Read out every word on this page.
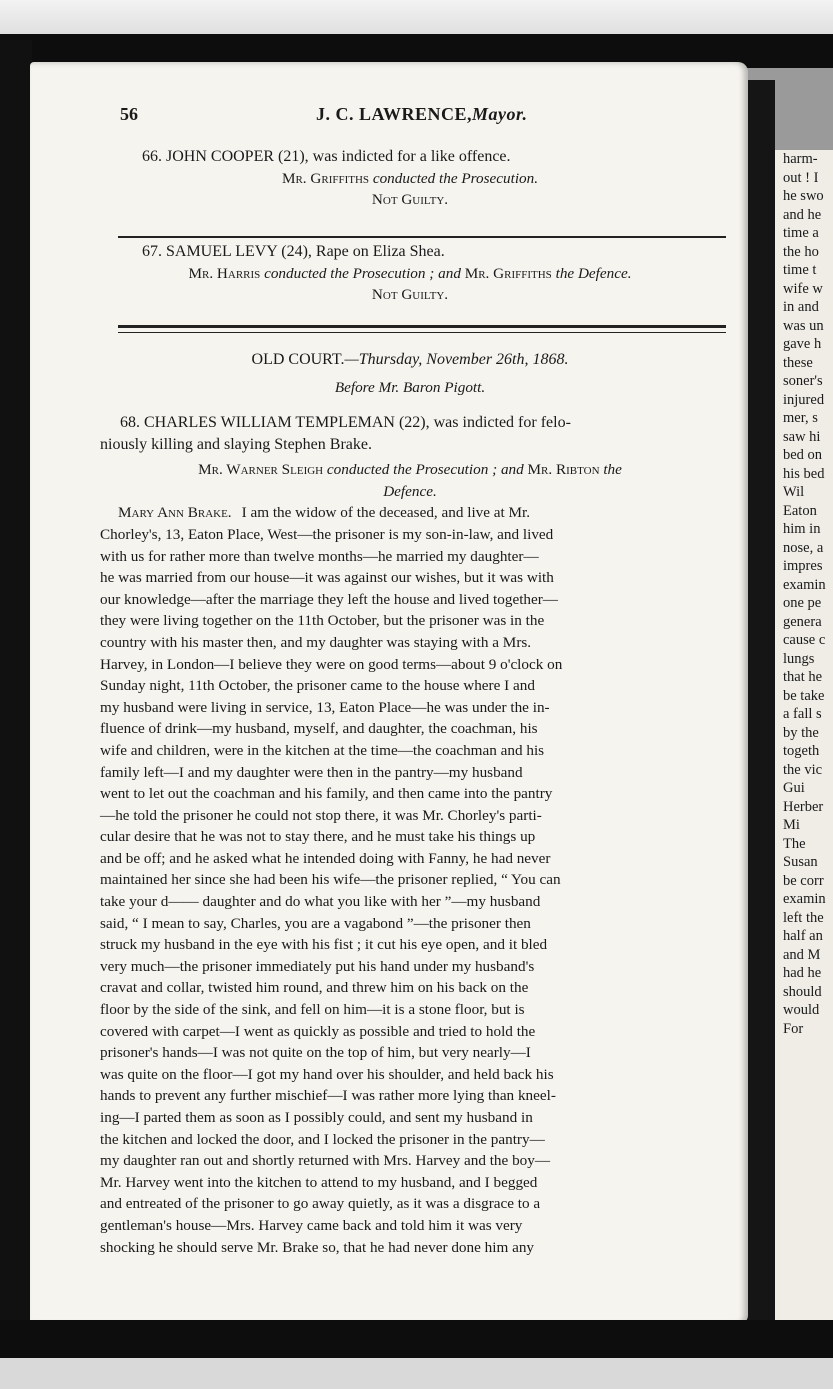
harm-
out ! I
he swo
and he
time a
the ho
time t
wife w
in and
was un
gave h
these
soner's
injured
mer, s
saw hi
bed on
his bed
Wil
Eaton
him in
nose, a
impres
examin
one pe
genera
cause c
lungs
that he
be take
a fall s
by the
togeth
the vic
Gui
Herber
Mi
The
Susan
be corr
examin
left the
half an
and M
had he
should
would
For
56	J. C. LAWRENCE,Mayor.

66. JOHN COOPER (21), was indicted for a like offence.

Mr. Griffiths conducted the Prosecution.

Not Guilty.

67. SAMUEL LEVY (24), Rape on Eliza Shea.

Mr. Harris conducted the Prosecution ; and Mr. Griffiths the Defence.

Not Guilty.

OLD COURT.—Thursday, November 26th, 1868.

Before Mr. Baron Pigott.

68. CHARLES WILLIAM TEMPLEMAN (22), was indicted for felo-

niously killing and slaying Stephen Brake.

Mr. Warner Sleigh conducted the Prosecution ; and Mr. Ribton the

Defence.

Mary Ann Brake. I am the widow of the deceased, and live at Mr.

Chorley's, 13, Eaton Place, West—the prisoner is my son-in-law, and lived

with us for rather more than twelve months—he married my daughter—

he was married from our house—it was against our wishes, but it was with

our knowledge—after the marriage they left the house and lived together—

they were living together on the 11th October, but the prisoner was in the

country with his master then, and my daughter was staying with a Mrs.

Harvey, in London—I believe they were on good terms—about 9 o'clock on

Sunday night, 11th October, the prisoner came to the house where I and

my husband were living in service, 13, Eaton Place—he was under the in-

fluence of drink—my husband, myself, and daughter, the coachman, his

wife and children, were in the kitchen at the time—the coachman and his

family left—I and my daughter were then in the pantry—my husband

went to let out the coachman and his family, and then came into the pantry

—he told the prisoner he could not stop there, it was Mr. Chorley's parti-

cular desire that he was not to stay there, and he must take his things up

and be off; and he asked what he intended doing with Fanny, he had never

maintained her since she had been his wife—the prisoner replied, “ You can

take your d—— daughter and do what you like with her ”—my husband

said, “ I mean to say, Charles, you are a vagabond ”—the prisoner then

struck my husband in the eye with his fist ; it cut his eye open, and it bled

very much—the prisoner immediately put his hand under my husband's

cravat and collar, twisted him round, and threw him on his back on the

floor by the side of the sink, and fell on him—it is a stone floor, but is

covered with carpet—I went as quickly as possible and tried to hold the

prisoner's hands—I was not quite on the top of him, but very nearly—I

was quite on the floor—I got my hand over his shoulder, and held back his

hands to prevent any further mischief—I was rather more lying than kneel-

ing—I parted them as soon as I possibly could, and sent my husband in

the kitchen and locked the door, and I locked the prisoner in the pantry—

my daughter ran out and shortly returned with Mrs. Harvey and the boy—

Mr. Harvey went into the kitchen to attend to my husband, and I begged

and entreated of the prisoner to go away quietly, as it was a disgrace to a

gentleman's house—Mrs. Harvey came back and told him it was very

shocking he should serve Mr. Brake so, that he had never done him any
